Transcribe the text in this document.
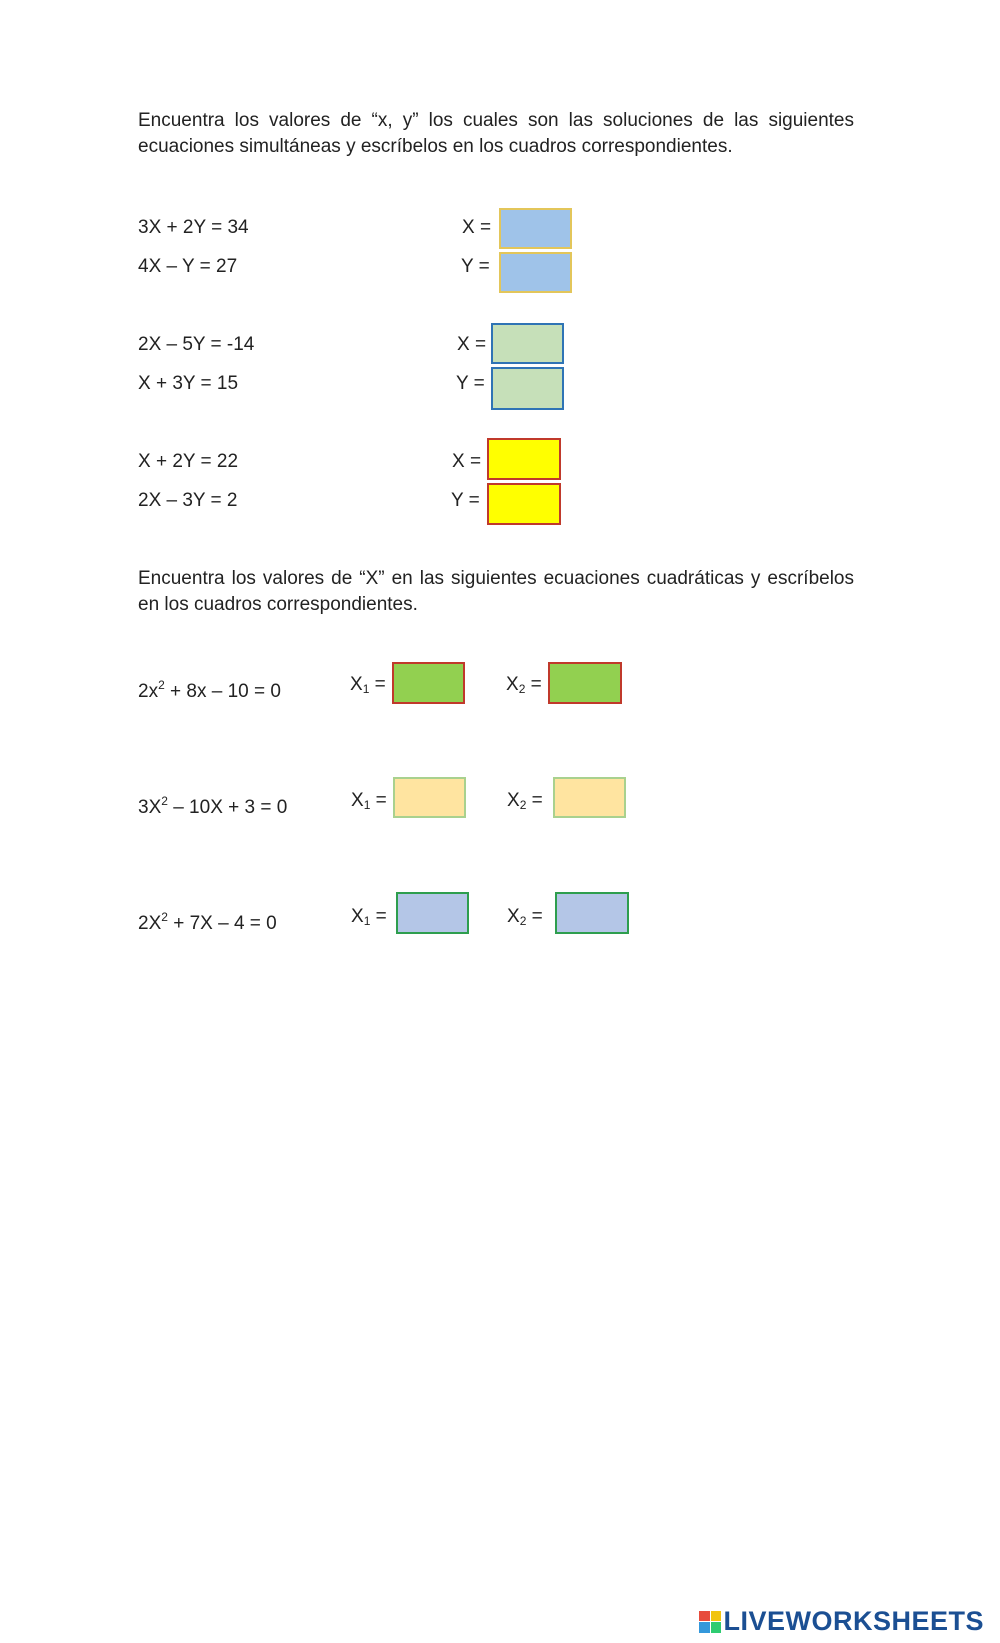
Encuentra los valores de “x, y” los cuales son las soluciones de las siguientes ecuaciones simultáneas y escríbelos en los cuadros correspondientes.
3X + 2Y = 34
4X – Y = 27
X =
Y =
2X – 5Y = -14
X + 3Y = 15
X =
Y =
X + 2Y = 22
2X – 3Y = 2
X =
Y =
Encuentra los valores de “X” en las siguientes ecuaciones cuadráticas y escríbelos en los cuadros correspondientes.
$2x^2 + 8x - 10 = 0$	$X_1$ =	$X_2$ =
$3X^2 - 10X + 3 = 0$	$X_1$ =	$X_2$ =
$2X^2 + 7X - 4 = 0$	$X_1$ =	$X_2$ =
LIVEWORKSHEETS
